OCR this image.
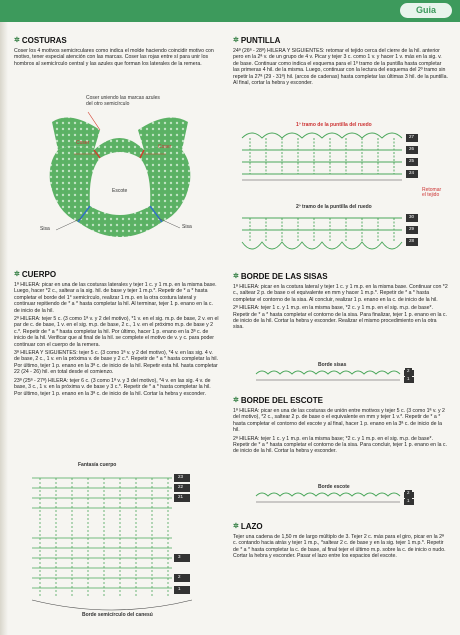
Guia
✲ COSTURAS

Coser los 4 motivos semicirculares como indica el molde haciendo coincidir motivo con motivo, tener especial atención con las marcas. Coser las rojas entre sí para unir los hombros al semicírculo central y las azules que forman los laterales de la remera.

Coser uniendo las marcas azules del otro semicírculo
Coser
Coser
Escote
Sisa	Sisa
✲ CUERPO

1ª HILERA: picar en una de las costuras laterales y tejer 1 c. y 1 m.p. en la misma base. Luego, hacer *2 c., saltear a la sig. hil. de base y tejer 1 m.p.*. Repetir de * a * hasta completar el borde del 1° semicírculo, realizar 1 m.p. en la otra costura lateral y continuar repitiendo de * a * hasta completar la hil. Al terminar, tejer 1 p. enano en la c. de inicio de la hil.

2ª HILERA: tejer 5 c. (3 como 1ª v. y 2 del motivo), *1 v. en el sig. m.p. de base, 2 v. en el par de c. de base, 1 v. en el sig. m.p. de base, 2 c., 1 v. en el próximo m.p. de base y 2 c.*. Repetir de * a * hasta completar la hil. Por último, hacer 1 p. enano en la 3ª c. de inicio de la hil. Verificar que al final de la hil. se complete el motivo de v. y c. para poder continuar con el cuerpo de la remera.

3ª HILERA Y SIGUIENTES: tejer 5 c. (3 como 1ª v. y 2 del motivo), *4 v. en las sig. 4 v. de base, 2 c., 1 v. en la próxima v. de base y 2 c.*. Repetir de * a * hasta completar la hil. Por último, tejer 1 p. enano en la 3ª c. de inicio de la hil. Repetir esta hil. hasta completar 22 (24 - 26) hil. en total desde el comienzo.

23ª (25ª - 27ª) HILERA: tejer 6 c. (3 como 1ª v. y 3 del motivo), *4 v. en las sig. 4 v. de base, 3 c., 1 v. en la próxima v. de base y 3 c.*. Repetir de * a * hasta completar la hil. Por último, tejer 1 p. enano en la 3ª c. de inicio de la hil. Cortar la hebra y esconder.

Fantasía cuerpo
23
22
21
3
2
1
Borde semicírculo del canesú
✲ PUNTILLA

24ª (26ª - 28ª) HILERA Y SIGUIENTES: retomar el tejido cerca del cierre de la hil. anterior pero en la 2ª v. de un grupo de 4 v. Picar y tejer 3 c. como 1 v. y hacer 1 v. más en la sig. v. de base. Continuar como indica el esquema para el 1º tramo de la puntilla hasta completar las primeras 4 hil. de la misma. Luego, continuar con la lectura del esquema del 2º tramo sin repetir la 27ª (29 - 31ª) hil. (arcos de cadenas) hasta completar las últimas 3 hil. de la puntilla. Al final, cortar la hebra y esconder.

1º tramo de la puntilla del ruedo
27
26
25
24
Retomar el tejido
2º tramo de la puntilla del ruedo
30
29
28
✲ BORDE DE LAS SISAS

1ª HILERA: picar en la costura lateral y tejer 1 c. y 1 m.p. en la misma base. Continuar con *2 c., saltear 2 p. de base o el equivalente en mm y hacer 1 m.p.*. Repetir de * a * hasta completar el contorno de la sisa. Al concluir, realizar 1 p. enano en la c. de inicio de la hil.

2ª HILERA: tejer 1 c. y 1 m.p. en la misma base, *2 c. y 1 m.p. en el sig. m.p. de base*. Repetir de * a * hasta completar el contorno de la sisa. Para finalizar, tejer 1 p. enano en la c. de inicio de la hil. Cortar la hebra y esconder. Realizar el mismo procedimiento en la otra sisa.

Borde sisas
2
1
✲ BORDE DEL ESCOTE

1ª HILERA: picar en una de las costuras de unión entre motivos y tejer 5 c. (3 como 1ª v. y 2 del motivo), *2 c., saltear 2 p. de base o el equivalente en mm y tejer 1 v.*. Repetir de * a * hasta completar el contorno del escote y al final, hacer 1 p. enano en la 3ª c. de inicio de la hil.

2ª HILERA: tejer 1 c. y 1 m.p. en la misma base; *2 c. y 1 m.p. en el sig. m.p. de base*. Repetir de * a * hasta completar el contorno de la sisa. Para concluir, tejer 1 p. enano en la c. de inicio de la hil. Cortar la hebra y esconder.

Borde escote
2
1
✲ LAZO

Tejer una cadena de 1,50 m de largo múltiplo de 3. Tejer 2 c. más para el giro, picar en la 2ª c. contando hacia atrás y tejer 1 m.p., *saltear 2 c. de base y en la sig. tejer 1 m.p.*. Repetir de * a * hasta completar la c. de base, al final tejer el último m.p. sobre la c. de inicio o nudo. Cortar la hebra y esconder. Pasar el lazo entre los espacios del escote.
